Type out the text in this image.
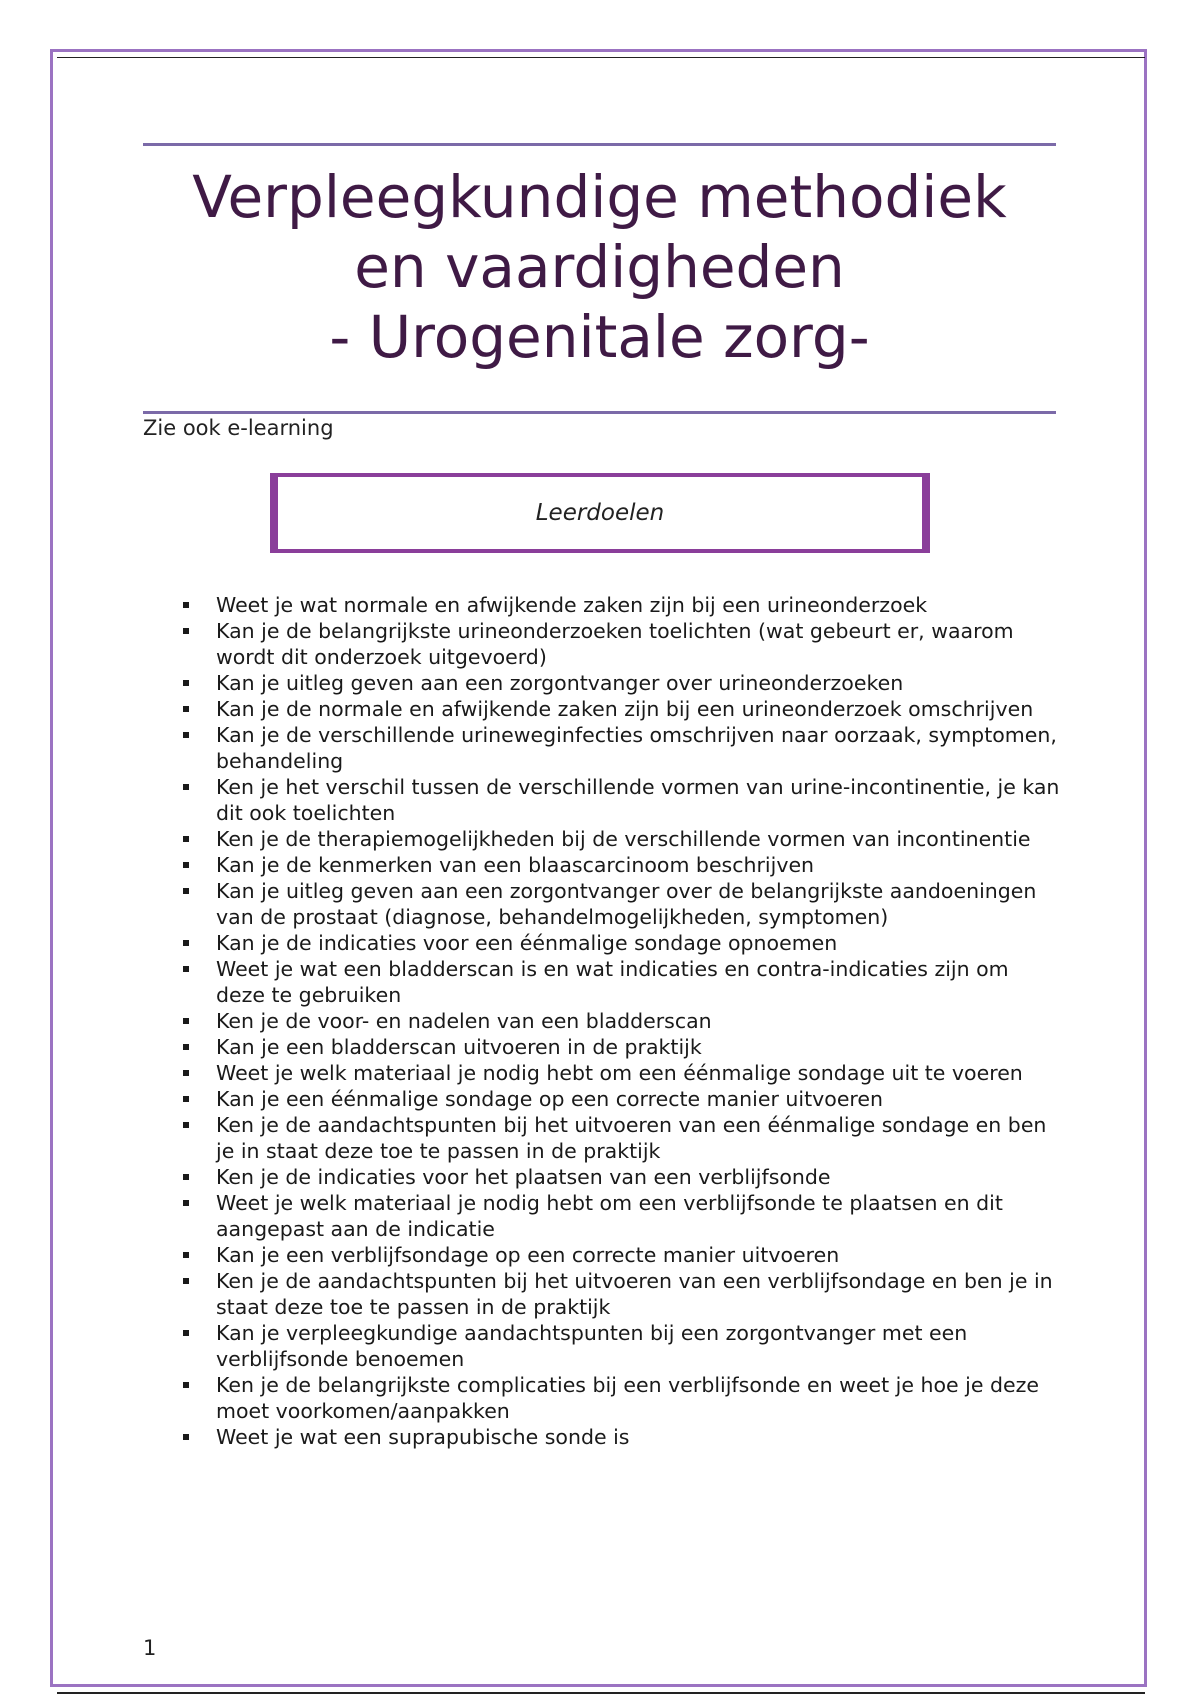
Verpleegkundige methodiek
en vaardigheden
- Urogenitale zorg-
Zie ook e-learning
Leerdoelen
Weet je wat normale en afwijkende zaken zijn bij een urineonderzoek
Kan je de belangrijkste urineonderzoeken toelichten (wat gebeurt er, waarom wordt dit onderzoek uitgevoerd)
Kan je uitleg geven aan een zorgontvanger over urineonderzoeken
Kan je de normale en afwijkende zaken zijn bij een urineonderzoek omschrijven
Kan je de verschillende urineweginfecties omschrijven naar oorzaak, symptomen, behandeling
Ken je het verschil tussen de verschillende vormen van urine-incontinentie, je kan dit ook toelichten
Ken je de therapiemogelijkheden bij de verschillende vormen van incontinentie
Kan je de kenmerken van een blaascarcinoom beschrijven
Kan je uitleg geven aan een zorgontvanger over de belangrijkste aandoeningen van de prostaat (diagnose, behandelmogelijkheden, symptomen)
Kan je de indicaties voor een éénmalige sondage opnoemen
Weet je wat een bladderscan is en wat indicaties en contra-indicaties zijn om deze te gebruiken
Ken je de voor- en nadelen van een bladderscan
Kan je een bladderscan uitvoeren in de praktijk
Weet je welk materiaal je nodig hebt om een éénmalige sondage uit te voeren
Kan je een éénmalige sondage op een correcte manier uitvoeren
Ken je de aandachtspunten bij het uitvoeren van een éénmalige sondage en ben je in staat deze toe te passen in de praktijk
Ken je de indicaties voor het plaatsen van een verblijfsonde
Weet je welk materiaal je nodig hebt om een verblijfsonde te plaatsen en dit aangepast aan de indicatie
Kan je een verblijfsondage op een correcte manier uitvoeren
Ken je de aandachtspunten bij het uitvoeren van een verblijfsondage en ben je in staat deze toe te passen in de praktijk
Kan je verpleegkundige aandachtspunten bij een zorgontvanger met een verblijfsonde benoemen
Ken je de belangrijkste complicaties bij een verblijfsonde en weet je hoe je deze moet voorkomen/aanpakken
Weet je wat een suprapubische sonde is
1
